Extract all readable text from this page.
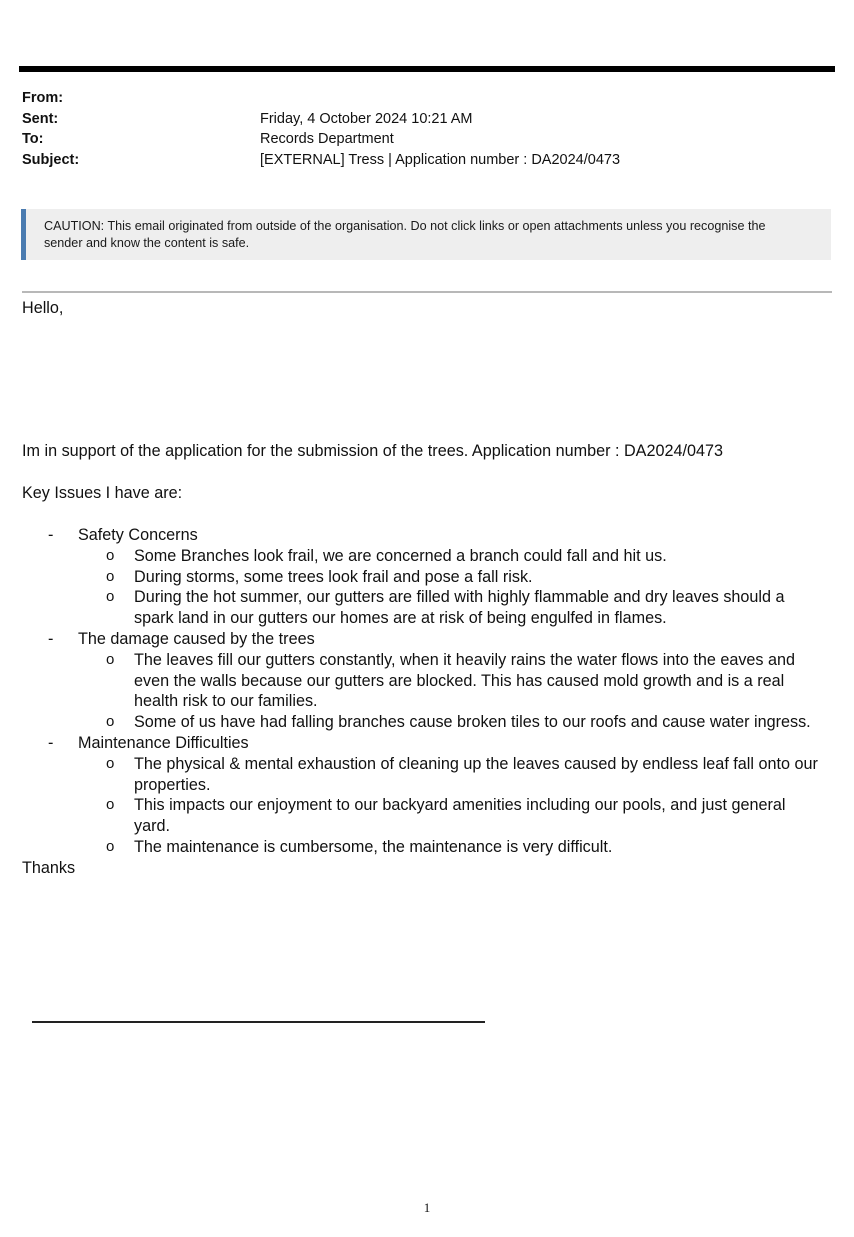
From:
Sent:	Friday, 4 October 2024 10:21 AM
To:	Records Department
Subject:	[EXTERNAL] Tress | Application number : DA2024/0473
CAUTION: This email originated from outside of the organisation. Do not click links or open attachments unless you recognise the
sender and know the content is safe.
Hello,
Im in support of the application for the submission of the trees. Application number : DA2024/0473
Key Issues I have are:
- Safety Concerns
o Some Branches look frail, we are concerned a branch could fall and hit us.
o During storms, some trees look frail and pose a fall risk.
o During the hot summer, our gutters are filled with highly flammable and dry leaves should a
spark land in our gutters our homes are at risk of being engulfed in flames.
- The damage caused by the trees
o The leaves fill our gutters constantly, when it heavily rains the water flows into the eaves and
even the walls because our gutters are blocked. This has caused mold growth and is a real
health risk to our families.
o Some of us have had falling branches cause broken tiles to our roofs and cause water ingress.
- Maintenance Difficulties
o The physical & mental exhaustion of cleaning up the leaves caused by endless leaf fall onto our
properties.
o This impacts our enjoyment to our backyard amenities including our pools, and just general
yard.
o The maintenance is cumbersome, the maintenance is very difficult.
Thanks
1
